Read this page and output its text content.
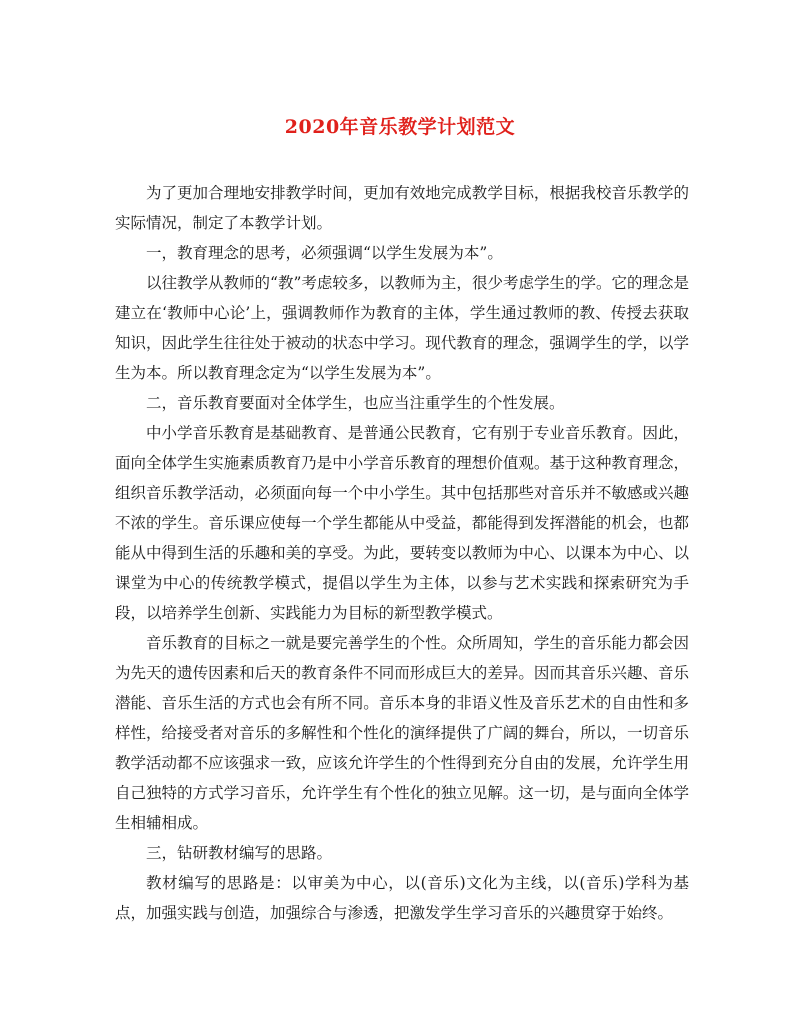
2020年音乐教学计划范文

为了更加合理地安排教学时间，更加有效地完成教学目标，根据我校音乐教学的实际情况，制定了本教学计划。

一，教育理念的思考，必须强调“以学生发展为本”。

以往教学从教师的“教”考虑较多，以教师为主，很少考虑学生的学。它的理念是建立在‘教师中心论’上，强调教师作为教育的主体，学生通过教师的教、传授去获取知识，因此学生往往处于被动的状态中学习。现代教育的理念，强调学生的学，以学生为本。所以教育理念定为“以学生发展为本”。

二，音乐教育要面对全体学生，也应当注重学生的个性发展。

中小学音乐教育是基础教育、是普通公民教育，它有别于专业音乐教育。因此，面向全体学生实施素质教育乃是中小学音乐教育的理想价值观。基于这种教育理念，组织音乐教学活动，必须面向每一个中小学生。其中包括那些对音乐并不敏感或兴趣不浓的学生。音乐课应使每一个学生都能从中受益，都能得到发挥潜能的机会，也都能从中得到生活的乐趣和美的享受。为此，要转变以教师为中心、以课本为中心、以课堂为中心的传统教学模式，提倡以学生为主体，以参与艺术实践和探索研究为手段，以培养学生创新、实践能力为目标的新型教学模式。

音乐教育的目标之一就是要完善学生的个性。众所周知，学生的音乐能力都会因为先天的遗传因素和后天的教育条件不同而形成巨大的差异。因而其音乐兴趣、音乐潜能、音乐生活的方式也会有所不同。音乐本身的非语义性及音乐艺术的自由性和多样性，给接受者对音乐的多解性和个性化的演绎提供了广阔的舞台，所以，一切音乐教学活动都不应该强求一致，应该允许学生的个性得到充分自由的发展，允许学生用自己独特的方式学习音乐，允许学生有个性化的独立见解。这一切，是与面向全体学生相辅相成。

三，钻研教材编写的思路。

教材编写的思路是：以审美为中心，以(音乐)文化为主线，以(音乐)学科为基点，加强实践与创造，加强综合与渗透，把激发学生学习音乐的兴趣贯穿于始终。
